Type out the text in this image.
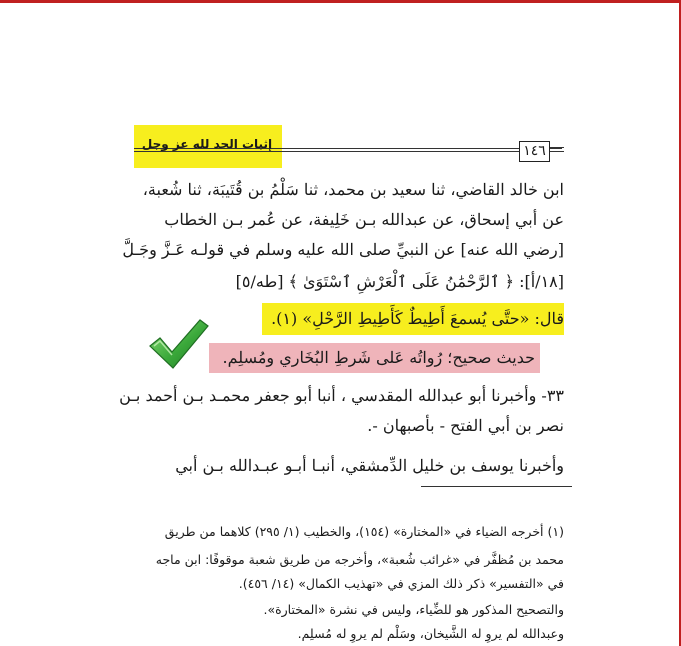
إثبات الحد لله عز وجل	١٤٦
ابن خالد القاضي، ثنا سعيد بن محمد، ثنا سَلْمُ بن قُتَيبَة، ثنا شُعبة،
عن أبي إسحاق، عن عبدالله بـن خَلِيفة، عن عُمر بـن الخطاب
[رضي الله عنه] عن النبيِّ صلى الله عليه وسلم في قولـه عَـزَّ وجَـلَّ
[١٨/أ]: ﴿ ٱلرَّحْمَٰنُ عَلَى ٱلْعَرْشِ ٱسْتَوَىٰ ﴾ [طه/٥]
قال: «حتَّى يُسمعَ أَطِيطٌ كَأَطِيطِ الرَّحْلِ» (١).
حديث صحيح؛ رُواتُه عَلى شَرطِ البُخَاري ومُسلِم.
٣٣- وأخبرنا أبو عبدالله المقدسي ، أنبا أبو جعفر محمـد بـن أحمد بـن
نصر بن أبي الفتح - بأصبهان -.
وأخبرنا يوسف بن خليل الدِّمشقي، أنبـا أبـو عبـدالله بـن أبي
(١) أخرجه الضياء في «المختارة» (١٥٤)، والخطيب (١/ ٢٩٥) كلاهما من طريق
محمد بن مُظفَّر في «غرائب شُعبة»، وأخرجه من طريق شعبة موقوفًا: ابن ماجه
في «التفسير» ذكر ذلك المزي في «تهذيب الكمال» (١٤/ ٤٥٦).
والتصحيح المذكور هو للضِّياء، وليس في نشرة «المختارة».
وعبدالله لم يروِ له الشَّيخان، وسَلْم لم يروِ له مُسلِم.
